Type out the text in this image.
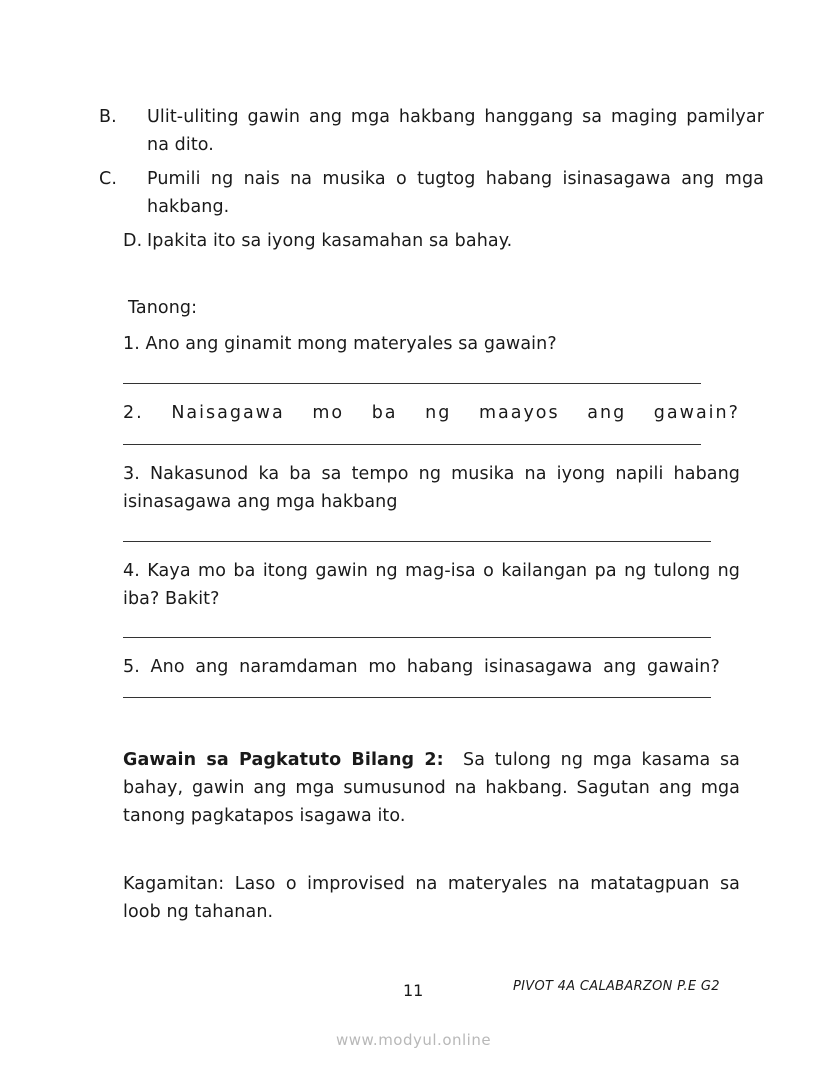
B. Ulit-uliting gawin ang mga hakbang hanggang sa maging pamilyar na dito.
C. Pumili ng nais na musika o tugtog habang isinasagawa ang mga hakbang.
D. Ipakita ito sa iyong kasamahan sa bahay.
Tanong:
1. Ano ang ginamit mong materyales sa gawain?
2. Naisagawa mo ba ng maayos ang gawain?
3. Nakasunod ka ba sa tempo ng musika na iyong napili habang isinasagawa ang mga hakbang
4. Kaya mo ba itong gawin ng mag-isa o kailangan pa ng tulong ng iba? Bakit?
5. Ano ang naramdaman mo habang isinasagawa ang gawain?
Gawain sa Pagkatuto Bilang 2: Sa tulong ng mga kasama sa bahay, gawin ang mga sumusunod na hakbang. Sagutan ang mga tanong pagkatapos isagawa ito.
Kagamitan: Laso o improvised na materyales na matatagpuan sa loob ng tahanan.
11	PIVOT 4A CALABARZON P.E G2
www.modyul.online
